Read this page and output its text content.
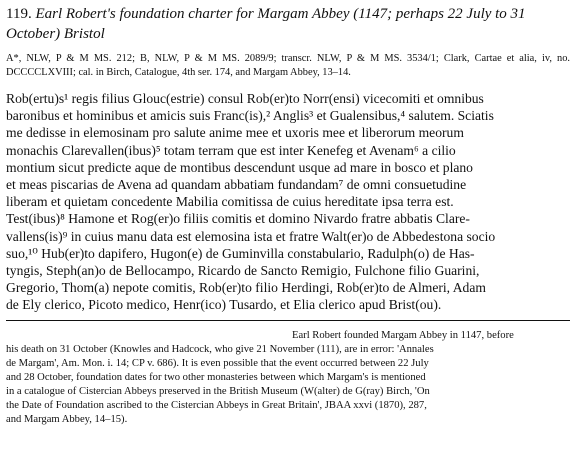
119. Earl Robert's foundation charter for Margam Abbey (1147; perhaps 22 July to 31 October) Bristol

A*, NLW, P & M MS. 212; B, NLW, P & M MS. 2089/9; transcr. NLW, P & M MS. 3534/1; Clark, Cartae et alia, iv, no. DCCCCLXVIII; cal. in Birch, Catalogue, 4th ser. 174, and Margam Abbey, 13–14.

Rob(ertu)s¹ regis filius Glouc(estrie) consul Rob(er)to Norr(ensi) vicecomiti et omnibus
baronibus et hominibus et amicis suis Franc(is),² Anglis³ et Gualensibus,⁴ salutem. Sciatis
me dedisse in elemosinam pro salute anime mee et uxoris mee et liberorum meorum
monachis Clarevallen(ibus)⁵ totam terram que est inter Kenefeg et Avenam⁶ a cilio
montium sicut predicte aque de montibus descendunt usque ad mare in bosco et plano
et meas piscarias de Avena ad quandam abbatiam fundandam⁷ de omni consuetudine
liberam et quietam concedente Mabilia comitissa de cuius hereditate ipsa terra est.
Test(ibus)⁸ Hamone et Rog(er)o filiis comitis et domino Nivardo fratre abbatis Clare-
vallens(is)⁹ in cuius manu data est elemosina ista et fratre Walt(er)o de Abbedestona socio
suo,¹⁰ Hub(er)to dapifero, Hugon(e) de Guminvilla constabulario, Radulph(o) de Has-
tyngis, Steph(an)o de Bellocampo, Ricardo de Sancto Remigio, Fulchone filio Guarini,
Gregorio, Thom(a) nepote comitis, Rob(er)to filio Herdingi, Rob(er)to de Almeri, Adam
de Ely clerico, Picoto medico, Henr(ico) Tusardo, et Elia clerico apud Brist(ou).
Earl Robert founded Margam Abbey in 1147, before
his death on 31 October (Knowles and Hadcock, who give 21 November (111), are in error: 'Annales
de Margam', Am. Mon. i. 14; CP v. 686). It is even possible that the event occurred between 22 July
and 28 October, foundation dates for two other monasteries between which Margam's is mentioned
in a catalogue of Cistercian Abbeys preserved in the British Museum (W(alter) de G(ray) Birch, 'On
the Date of Foundation ascribed to the Cistercian Abbeys in Great Britain', JBAA xxvi (1870), 287,
and Margam Abbey, 14–15).
